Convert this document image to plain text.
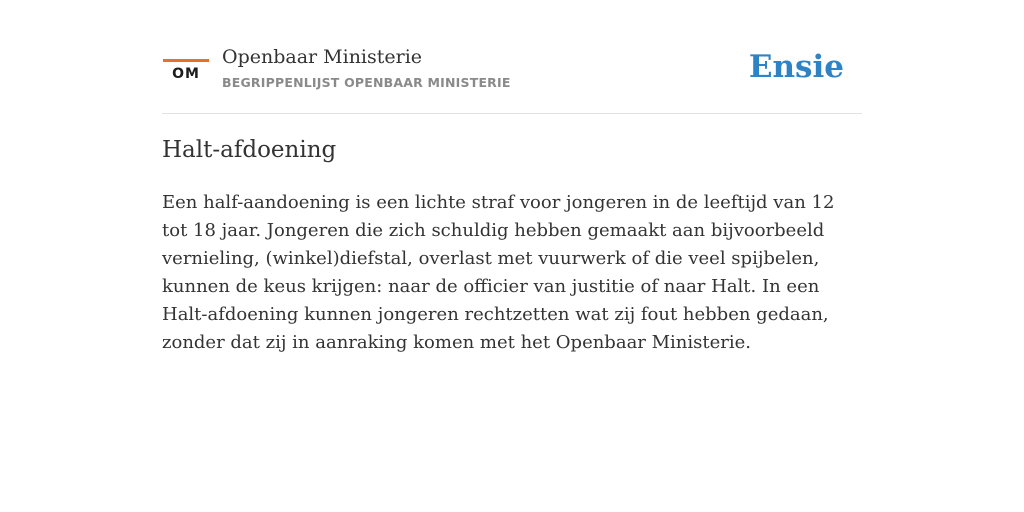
OM
Openbaar Ministerie
BEGRIPPENLIJST OPENBAAR MINISTERIE	Ensie
Halt-afdoening

Een half-aandoening is een lichte straf voor jongeren in de leeftijd van 12 tot 18 jaar. Jongeren die zich schuldig hebben gemaakt aan bijvoorbeeld vernieling, (winkel)diefstal, overlast met vuurwerk of die veel spijbelen, kunnen de keus krijgen: naar de officier van justitie of naar Halt. In een Halt-afdoening kunnen jongeren rechtzetten wat zij fout hebben gedaan, zonder dat zij in aanraking komen met het Openbaar Ministerie.
